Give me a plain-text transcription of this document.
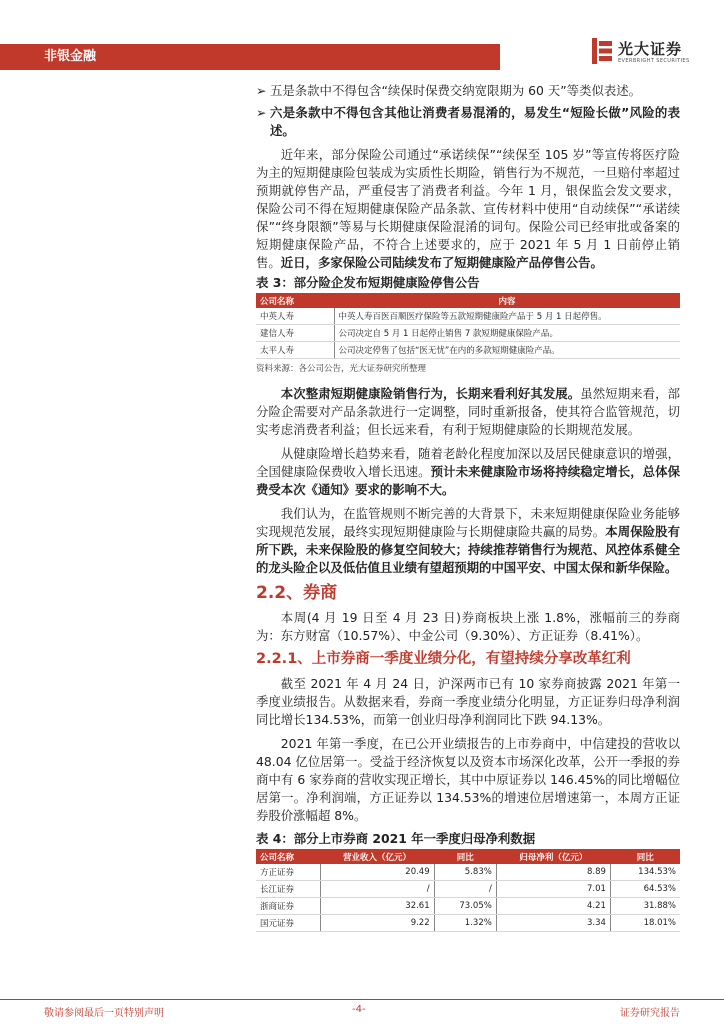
非银金融	光大证券
EVERBRIGHT SECURITIES

➢ 五是条款中不得包含“续保时保费交纳宽限期为 60 天”等类似表述。

➢ 六是条款中不得包含其他让消费者易混淆的，易发生“短险长做”风险的表述。

近年来，部分保险公司通过“承诺续保”“续保至 105 岁”等宣传将医疗险为主的短期健康险包装成为实质性长期险，销售行为不规范，一旦赔付率超过预期就停售产品，严重侵害了消费者利益。今年 1 月，银保监会发文要求，保险公司不得在短期健康保险产品条款、宣传材料中使用“自动续保”“承诺续保”“终身限额”等易与长期健康保险混淆的词句。保险公司已经审批或备案的短期健康保险产品，不符合上述要求的，应于 2021 年 5 月 1 日前停止销售。近日，多家保险公司陆续发布了短期健康险产品停售公告。

表 3：部分险企发布短期健康险停售公告
公司名称	内容
中英人寿	中英人寿百医百顺医疗保险等五款短期健康险产品于 5 月 1 日起停售。
建信人寿	公司决定自 5 月 1 日起停止销售 7 款短期健康保险产品。
太平人寿	公司决定停售了包括“医无忧”在内的多款短期健康险产品。
资料来源：各公司公告，光大证券研究所整理

本次整肃短期健康险销售行为，长期来看利好其发展。虽然短期来看，部分险企需要对产品条款进行一定调整，同时重新报备，使其符合监管规范，切实考虑消费者利益；但长远来看，有利于短期健康险的长期规范发展。

从健康险增长趋势来看，随着老龄化程度加深以及居民健康意识的增强，全国健康险保费收入增长迅速。预计未来健康险市场将持续稳定增长，总体保费受本次《通知》要求的影响不大。

我们认为，在监管规则不断完善的大背景下，未来短期健康保险业务能够实现规范发展，最终实现短期健康险与长期健康险共赢的局势。本周保险股有所下跌，未来保险股的修复空间较大；持续推荐销售行为规范、风控体系健全的龙头险企以及低估值且业绩有望超预期的中国平安、中国太保和新华保险。

2.2、券商

本周(4 月 19 日至 4 月 23 日)券商板块上涨 1.8%，涨幅前三的券商为：东方财富（10.57%）、中金公司（9.30%）、方正证券（8.41%）。

2.2.1、上市券商一季度业绩分化，有望持续分享改革红利

截至 2021 年 4 月 24 日，沪深两市已有 10 家券商披露 2021 年第一季度业绩报告。从数据来看，券商一季度业绩分化明显，方正证券归母净利润同比增长134.53%，而第一创业归母净利润同比下跌 94.13%。

2021 年第一季度，在已公开业绩报告的上市券商中，中信建投的营收以48.04 亿位居第一。受益于经济恢复以及资本市场深化改革，公开一季报的券商中有 6 家券商的营收实现正增长，其中中原证券以 146.45%的同比增幅位居第一。净利润端，方正证券以 134.53%的增速位居增速第一，本周方正证券股价涨幅超 8%。

表 4：部分上市券商 2021 年一季度归母净利数据
公司名称	营业收入（亿元）	同比	归母净利（亿元）	同比
方正证券	20.49	5.83%	8.89	134.53%
长江证券	/	/	7.01	64.53%
浙商证券	32.61	73.05%	4.21	31.88%
国元证券	9.22	1.32%	3.34	18.01%
敬请参阅最后一页特别声明	-4-	证券研究报告
